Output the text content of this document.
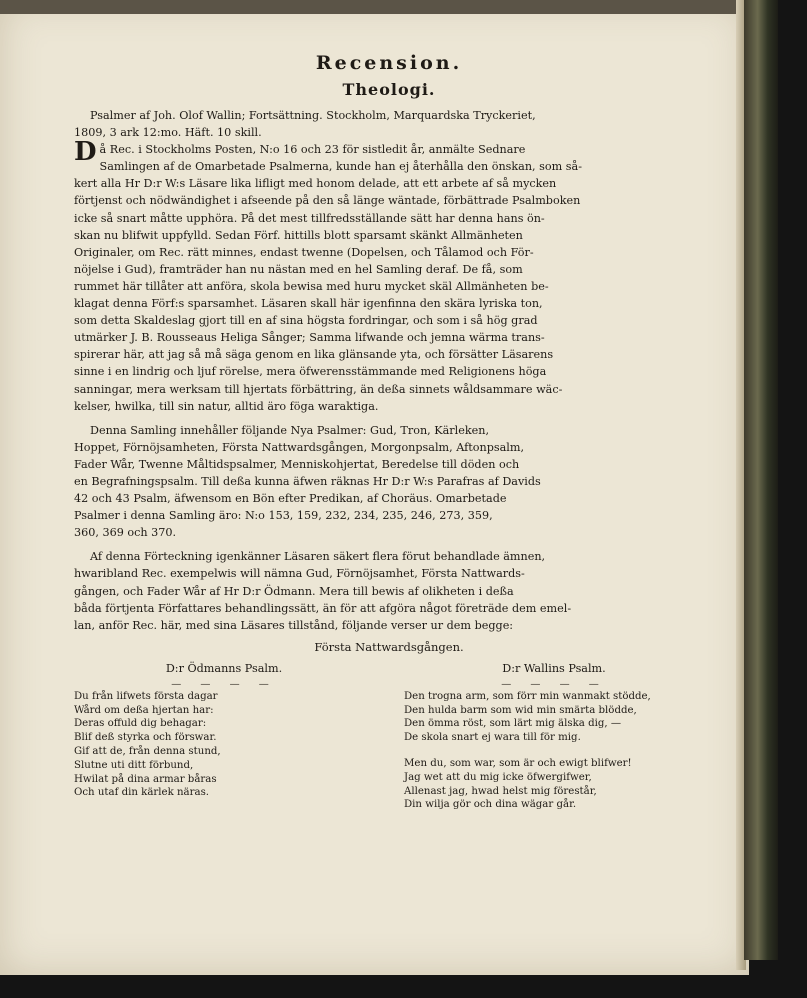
Recension.
Theologi.
Psalmer af Joh. Olof Wallin; Fortsättning. Stockholm, Marquardska Tryckeriet,
1809, 3 ark 12:mo. Häft. 10 skill.
D å Rec. i Stockholms Posten, N:o 16 och 23 för sistledit år, anmälte Sednare
Samlingen af de Omarbetade Psalmerna, kunde han ej återhålla den önskan, som så-
kert alla Hr D:r W:s Läsare lika lifligt med honom delade, att ett arbete af så mycken
förtjenst och nödwändighet i afseende på den så länge wäntade, förbättrade Psalmboken
icke så snart måtte upphöra. På det mest tillfredsställande sätt har denna hans ön-
skan nu blifwit uppfylld. Sedan Förf. hittills blott sparsamt skänkt Allmänheten
Originaler, om Rec. rätt minnes, endast twenne (Dopelsen, och Tålamod och För-
nöjelse i Gud), framträder han nu nästan med en hel Samling deraf. De få, som
rummet här tillåter att anföra, skola bewisa med huru mycket skäl Allmänheten be-
klagat denna Förf:s sparsamhet. Läsaren skall här igenfinna den skära lyriska ton,
som detta Skaldeslag gjort till en af sina högsta fordringar, och som i så hög grad
utmärker J. B. Rousseaus Heliga Sånger; Samma lifwande och jemna wärma trans-
spirerar här, att jag så må säga genom en lika glänsande yta, och försätter Läsarens
sinne i en lindrig och ljuf rörelse, mera öfwerensstämmande med Religionens höga
sanningar, mera werksam till hjertats förbättring, än deßa sinnets wåldsammare wäc-
kelser, hwilka, till sin natur, alltid äro föga waraktiga.
Denna Samling innehåller följande Nya Psalmer: Gud, Tron, Kärleken,
Hoppet, Förnöjsamheten, Första Nattwardsgången, Morgonpsalm, Aftonpsalm,
Fader Wår, Twenne Måltidspsalmer, Menniskohjertat, Beredelse till döden och
en Begrafningspsalm. Till deßa kunna äfwen räknas Hr D:r W:s Parafras af Davids
42 och 43 Psalm, äfwensom en Bön efter Predikan, af Choräus. Omarbetade
Psalmer i denna Samling äro: N:o 153, 159, 232, 234, 235, 246, 273, 359,
360, 369 och 370.
Af denna Förteckning igenkänner Läsaren säkert flera förut behandlade ämnen,
hwaribland Rec. exempelwis will nämna Gud, Förnöjsamhet, Första Nattwards-
gången, och Fader Wår af Hr D:r Ödmann. Mera till bewis af olikheten i deßa
båda förtjenta Författares behandlingssätt, än för att afgöra något företräde dem emel-
lan, anför Rec. här, med sina Läsares tillstånd, följande verser ur dem begge:
Första Nattwardsgången.
D:r Ödmanns Psalm.
— — — —
Du från lifwets första dagar
Wård om deßa hjertan har:
Deras offuld dig behagar:
Blif deß styrka och förswar.
Gif att de, från denna stund,
Slutne uti ditt förbund,
Hwilat på dina armar båras
Och utaf din kärlek näras.
D:r Wallins Psalm.
— — — —
Den trogna arm, som förr min wanmakt stödde,
Den hulda barm som wid min smärta blödde,
Den ömma röst, som lärt mig älska dig, —
De skola snart ej wara till för mig.
Men du, som war, som är och ewigt blifwer!
Jag wet att du mig icke öfwergifwer,
Allenast jag, hwad helst mig förestår,
Din wilja gör och dina wägar går.
